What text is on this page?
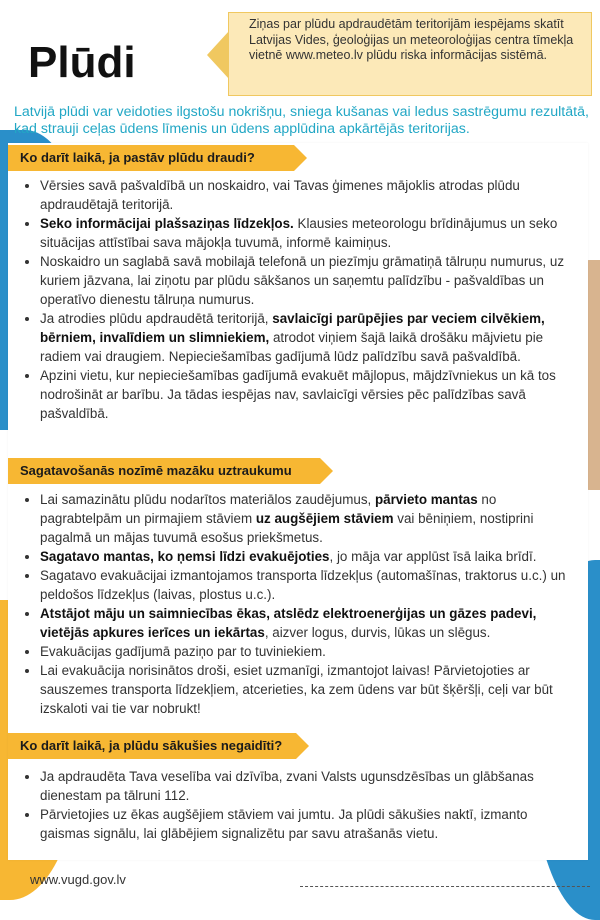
Plūdi
Ziņas par plūdu apdraudētām teritorijām iespējams skatīt Latvijas Vides, ģeoloģijas un meteoroloģijas centra tīmekļa vietnē www.meteo.lv plūdu riska informācijas sistēmā.
Latvijā plūdi var veidoties ilgstošu nokrišņu, sniega kušanas vai ledus sastrēgumu rezultātā, kad strauji ceļas ūdens līmenis un ūdens applūdina apkārtējās teritorijas.
Ko darīt laikā, ja pastāv plūdu draudi?
• Vērsies savā pašvaldībā un noskaidro, vai Tavas ģimenes mājoklis atrodas plūdu apdraudētajā teritorijā.
• Seko informācijai plašsaziņas līdzekļos. Klausies meteorologu brīdinājumus un seko situācijas attīstībai sava mājokļa tuvumā, informē kaimiņus.
• Noskaidro un saglabā savā mobilajā telefonā un piezīmju grāmatiņā tālruņu numurus, uz kuriem jāzvana, lai ziņotu par plūdu sākšanos un saņemtu palīdzību - pašvaldības un operatīvo dienestu tālruņa numurus.
• Ja atrodies plūdu apdraudētā teritorijā, savlaicīgi parūpējies par veciem cilvēkiem, bērniem, invalīdiem un slimniekiem, atrodot viņiem šajā laikā drošāku mājvietu pie radiem vai draugiem. Nepieciešamības gadījumā lūdz palīdzību savā pašvaldībā.
• Apzini vietu, kur nepieciešamības gadījumā evakuēt mājlopus, mājdzīvniekus un kā tos nodrošināt ar barību. Ja tādas iespējas nav, savlaicīgi vērsies pēc palīdzības savā pašvaldībā.
Sagatavošanās nozīmē mazāku uztraukumu
• Lai samazinātu plūdu nodarītos materiālos zaudējumus, pārvieto mantas no pagrabtelpām un pirmajiem stāviem uz augšējiem stāviem vai bēniņiem, nostiprini pagalmā un mājas tuvumā esošus priekšmetus.
• Sagatavo mantas, ko ņemsi līdzi evakuējoties, jo māja var applūst īsā laika brīdī.
• Sagatavo evakuācijai izmantojamos transporta līdzekļus (automašīnas, traktorus u.c.) un peldošos līdzekļus (laivas, plostus u.c.).
• Atstājot māju un saimniecības ēkas, atslēdz elektroenerģijas un gāzes padevi, vietējās apkures ierīces un iekārtas, aizver logus, durvis, lūkas un slēgus.
• Evakuācijas gadījumā paziņo par to tuviniekiem.
• Lai evakuācija norisinātos droši, esiet uzmanīgi, izmantojot laivas! Pārvietojoties ar sauszemes transporta līdzekļiem, atcerieties, ka zem ūdens var būt šķēršļi, ceļi var būt izskaloti vai tie var nobrukt!
Ko darīt laikā, ja plūdu sākušies negaidīti?
• Ja apdraudēta Tava veselība vai dzīvība, zvani Valsts ugunsdzēsības un glābšanas dienestam pa tālruni 112.
• Pārvietojies uz ēkas augšējiem stāviem vai jumtu. Ja plūdi sākušies naktī, izmanto gaismas signālu, lai glābējiem signalizētu par savu atrašanās vietu.
www.vugd.gov.lv
